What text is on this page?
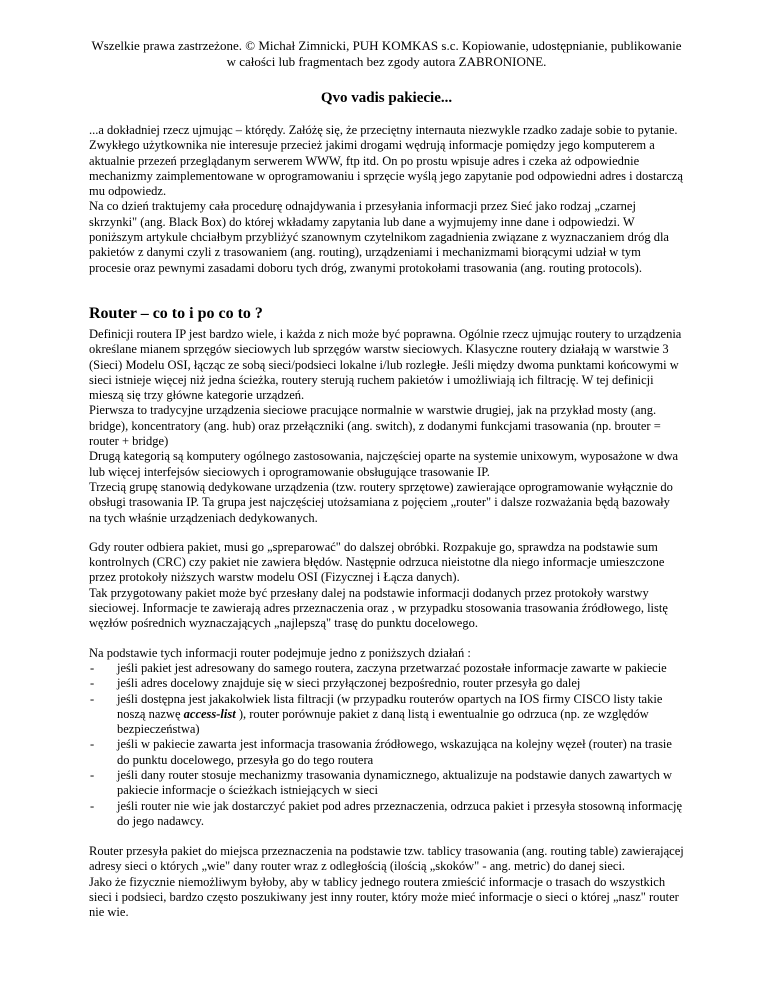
Wszelkie prawa zastrzeżone. © Michał Zimnicki, PUH KOMKAS s.c. Kopiowanie, udostępnianie, publikowanie
w całości lub fragmentach bez zgody autora ZABRONIONE.

Qvo vadis pakiecie...

...a dokładniej rzecz ujmując – którędy. Załóżę się, że przeciętny internauta niezwykle rzadko zadaje sobie to pytanie. Zwykłego użytkownika nie interesuje przecież jakimi drogami wędrują informacje pomiędzy jego komputerem a aktualnie przezeń przeglądanym serwerem WWW, ftp itd. On po prostu wpisuje adres i czeka aż odpowiednie mechanizmy zaimplementowane w oprogramowaniu i sprzęcie wyślą jego zapytanie pod odpowiedni adres i dostarczą mu odpowiedz.

Na co dzień traktujemy cała procedurę odnajdywania i przesyłania informacji przez Sieć jako rodzaj „czarnej skrzynki" (ang. Black Box) do której wkładamy zapytania lub dane a wyjmujemy inne dane i odpowiedzi. W poniższym artykule chciałbym przybliżyć szanownym czytelnikom zagadnienia związane z wyznaczaniem dróg dla pakietów z danymi czyli z trasowaniem (ang. routing), urządzeniami i mechanizmami biorącymi udział w tym procesie oraz pewnymi zasadami doboru tych dróg, zwanymi protokołami trasowania (ang. routing protocols).

Router – co to i po co to ?

Definicji routera IP jest bardzo wiele, i każda z nich może być poprawna. Ogólnie rzecz ujmując routery to urządzenia określane mianem sprzęgów sieciowych lub sprzęgów warstw sieciowych. Klasyczne routery działają w warstwie 3 (Sieci) Modelu OSI, łącząc ze sobą sieci/podsieci lokalne i/lub rozległe. Jeśli między dwoma punktami końcowymi w sieci istnieje więcej niż jedna ścieżka, routery sterują ruchem pakietów i umożliwiają ich filtrację. W tej definicji mieszą się trzy główne kategorie urządzeń.

Pierwsza to tradycyjne urządzenia sieciowe pracujące normalnie w warstwie drugiej, jak na przykład mosty (ang. bridge), koncentratory (ang. hub) oraz przełączniki (ang. switch), z dodanymi funkcjami trasowania (np. brouter = router + bridge)

Drugą kategorią są komputery ogólnego zastosowania, najczęściej oparte na systemie unixowym, wyposażone w dwa lub więcej interfejsów sieciowych i oprogramowanie obsługujące trasowanie IP.

Trzecią grupę stanowią dedykowane urządzenia (tzw. routery sprzętowe) zawierające oprogramowanie wyłącznie do obsługi trasowania IP. Ta grupa jest najczęściej utożsamiana z pojęciem „router" i dalsze rozważania będą bazowały na tych właśnie urządzeniach dedykowanych.

Gdy router odbiera pakiet, musi go „spreparować" do dalszej obróbki. Rozpakuje go, sprawdza na podstawie sum kontrolnych (CRC) czy pakiet nie zawiera błędów. Następnie odrzuca nieistotne dla niego informacje umieszczone przez protokoły niższych warstw modelu OSI (Fizycznej i Łącza danych).

Tak przygotowany pakiet może być przesłany dalej na podstawie informacji dodanych przez protokoły warstwy sieciowej. Informacje te zawierają adres przeznaczenia oraz , w przypadku stosowania trasowania źródłowego, listę węzłów pośrednich wyznaczających „najlepszą" trasę do punktu docelowego.

Na podstawie tych informacji router podejmuje jedno z poniższych działań :

- jeśli pakiet jest adresowany do samego routera, zaczyna przetwarzać pozostałe informacje zawarte w pakiecie
- jeśli adres docelowy znajduje się w sieci przyłączonej bezpośrednio, router przesyła go dalej
- jeśli dostępna jest jakakolwiek lista filtracji (w przypadku routerów opartych na IOS firmy CISCO listy takie noszą nazwę access-list ), router porównuje pakiet z daną listą i ewentualnie go odrzuca (np. ze względów bezpieczeństwa)
- jeśli w pakiecie zawarta jest informacja trasowania źródłowego, wskazująca na kolejny węzeł (router) na trasie do punktu docelowego, przesyła go do tego routera
- jeśli dany router stosuje mechanizmy trasowania dynamicznego, aktualizuje na podstawie danych zawartych w pakiecie informacje o ścieżkach istniejących w sieci
- jeśli router nie wie jak dostarczyć pakiet pod adres przeznaczenia, odrzuca pakiet i przesyła stosowną informację do jego nadawcy.

Router przesyła pakiet do miejsca przeznaczenia na podstawie tzw. tablicy trasowania (ang. routing table) zawierającej adresy sieci o których „wie" dany router wraz z odległością (ilością „skoków" - ang. metric) do danej sieci.

Jako że fizycznie niemożliwym byłoby, aby w tablicy jednego routera zmieścić informacje o trasach do wszystkich sieci i podsieci, bardzo często poszukiwany jest inny router, który może mieć informacje o sieci o której „nasz" router nie wie.
